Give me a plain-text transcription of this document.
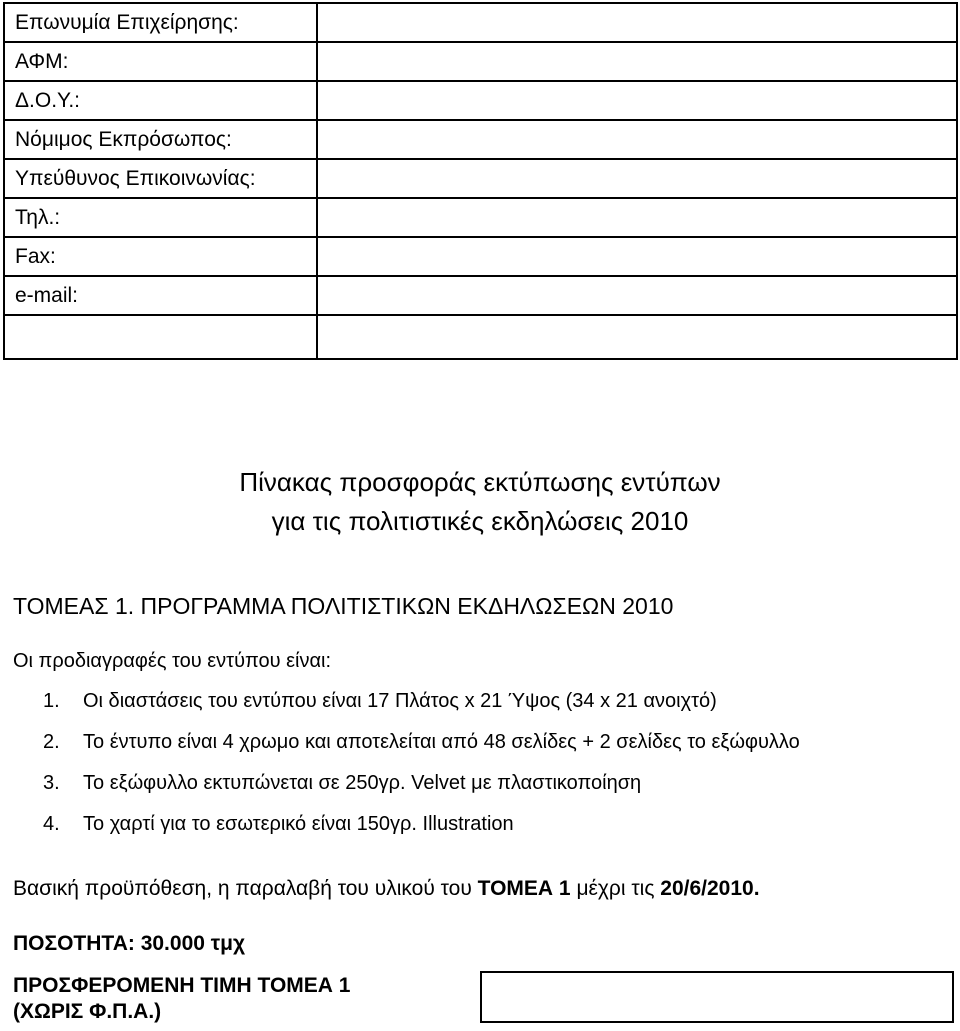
Επωνυμία Επιχείρησης:	
ΑΦΜ:	
Δ.Ο.Υ.:	
Νόμιμος Εκπρόσωπος:	
Υπεύθυνος Επικοινωνίας:	
Τηλ.:	
Fax:	
e-mail:	

Πίνακας προσφοράς εκτύπωσης εντύπων
για τις πολιτιστικές εκδηλώσεις 2010
ΤΟΜΕΑΣ 1. ΠΡΟΓΡΑΜΜΑ ΠΟΛΙΤΙΣΤΙΚΩΝ ΕΚΔΗΛΩΣΕΩΝ 2010

Οι προδιαγραφές του εντύπου είναι:

1. Οι διαστάσεις του εντύπου είναι 17 Πλάτος x 21 Ύψος (34 x 21 ανοιχτό)
2. Το έντυπο είναι 4 χρωμο και αποτελείται από 48 σελίδες + 2 σελίδες το εξώφυλλο
3. Το εξώφυλλο εκτυπώνεται σε 250γρ. Velvet με πλαστικοποίηση
4. Το χαρτί για το εσωτερικό είναι 150γρ. Illustration

Βασική προϋπόθεση, η παραλαβή του υλικού του ΤΟΜΕΑ 1 μέχρι τις 20/6/2010.

ΠΟΣΟΤΗΤΑ: 30.000 τμχ

ΠΡΟΣΦΕΡΟΜΕΝΗ ΤΙΜΗ ΤΟΜΕΑ 1
(ΧΩΡΙΣ Φ.Π.Α.)
